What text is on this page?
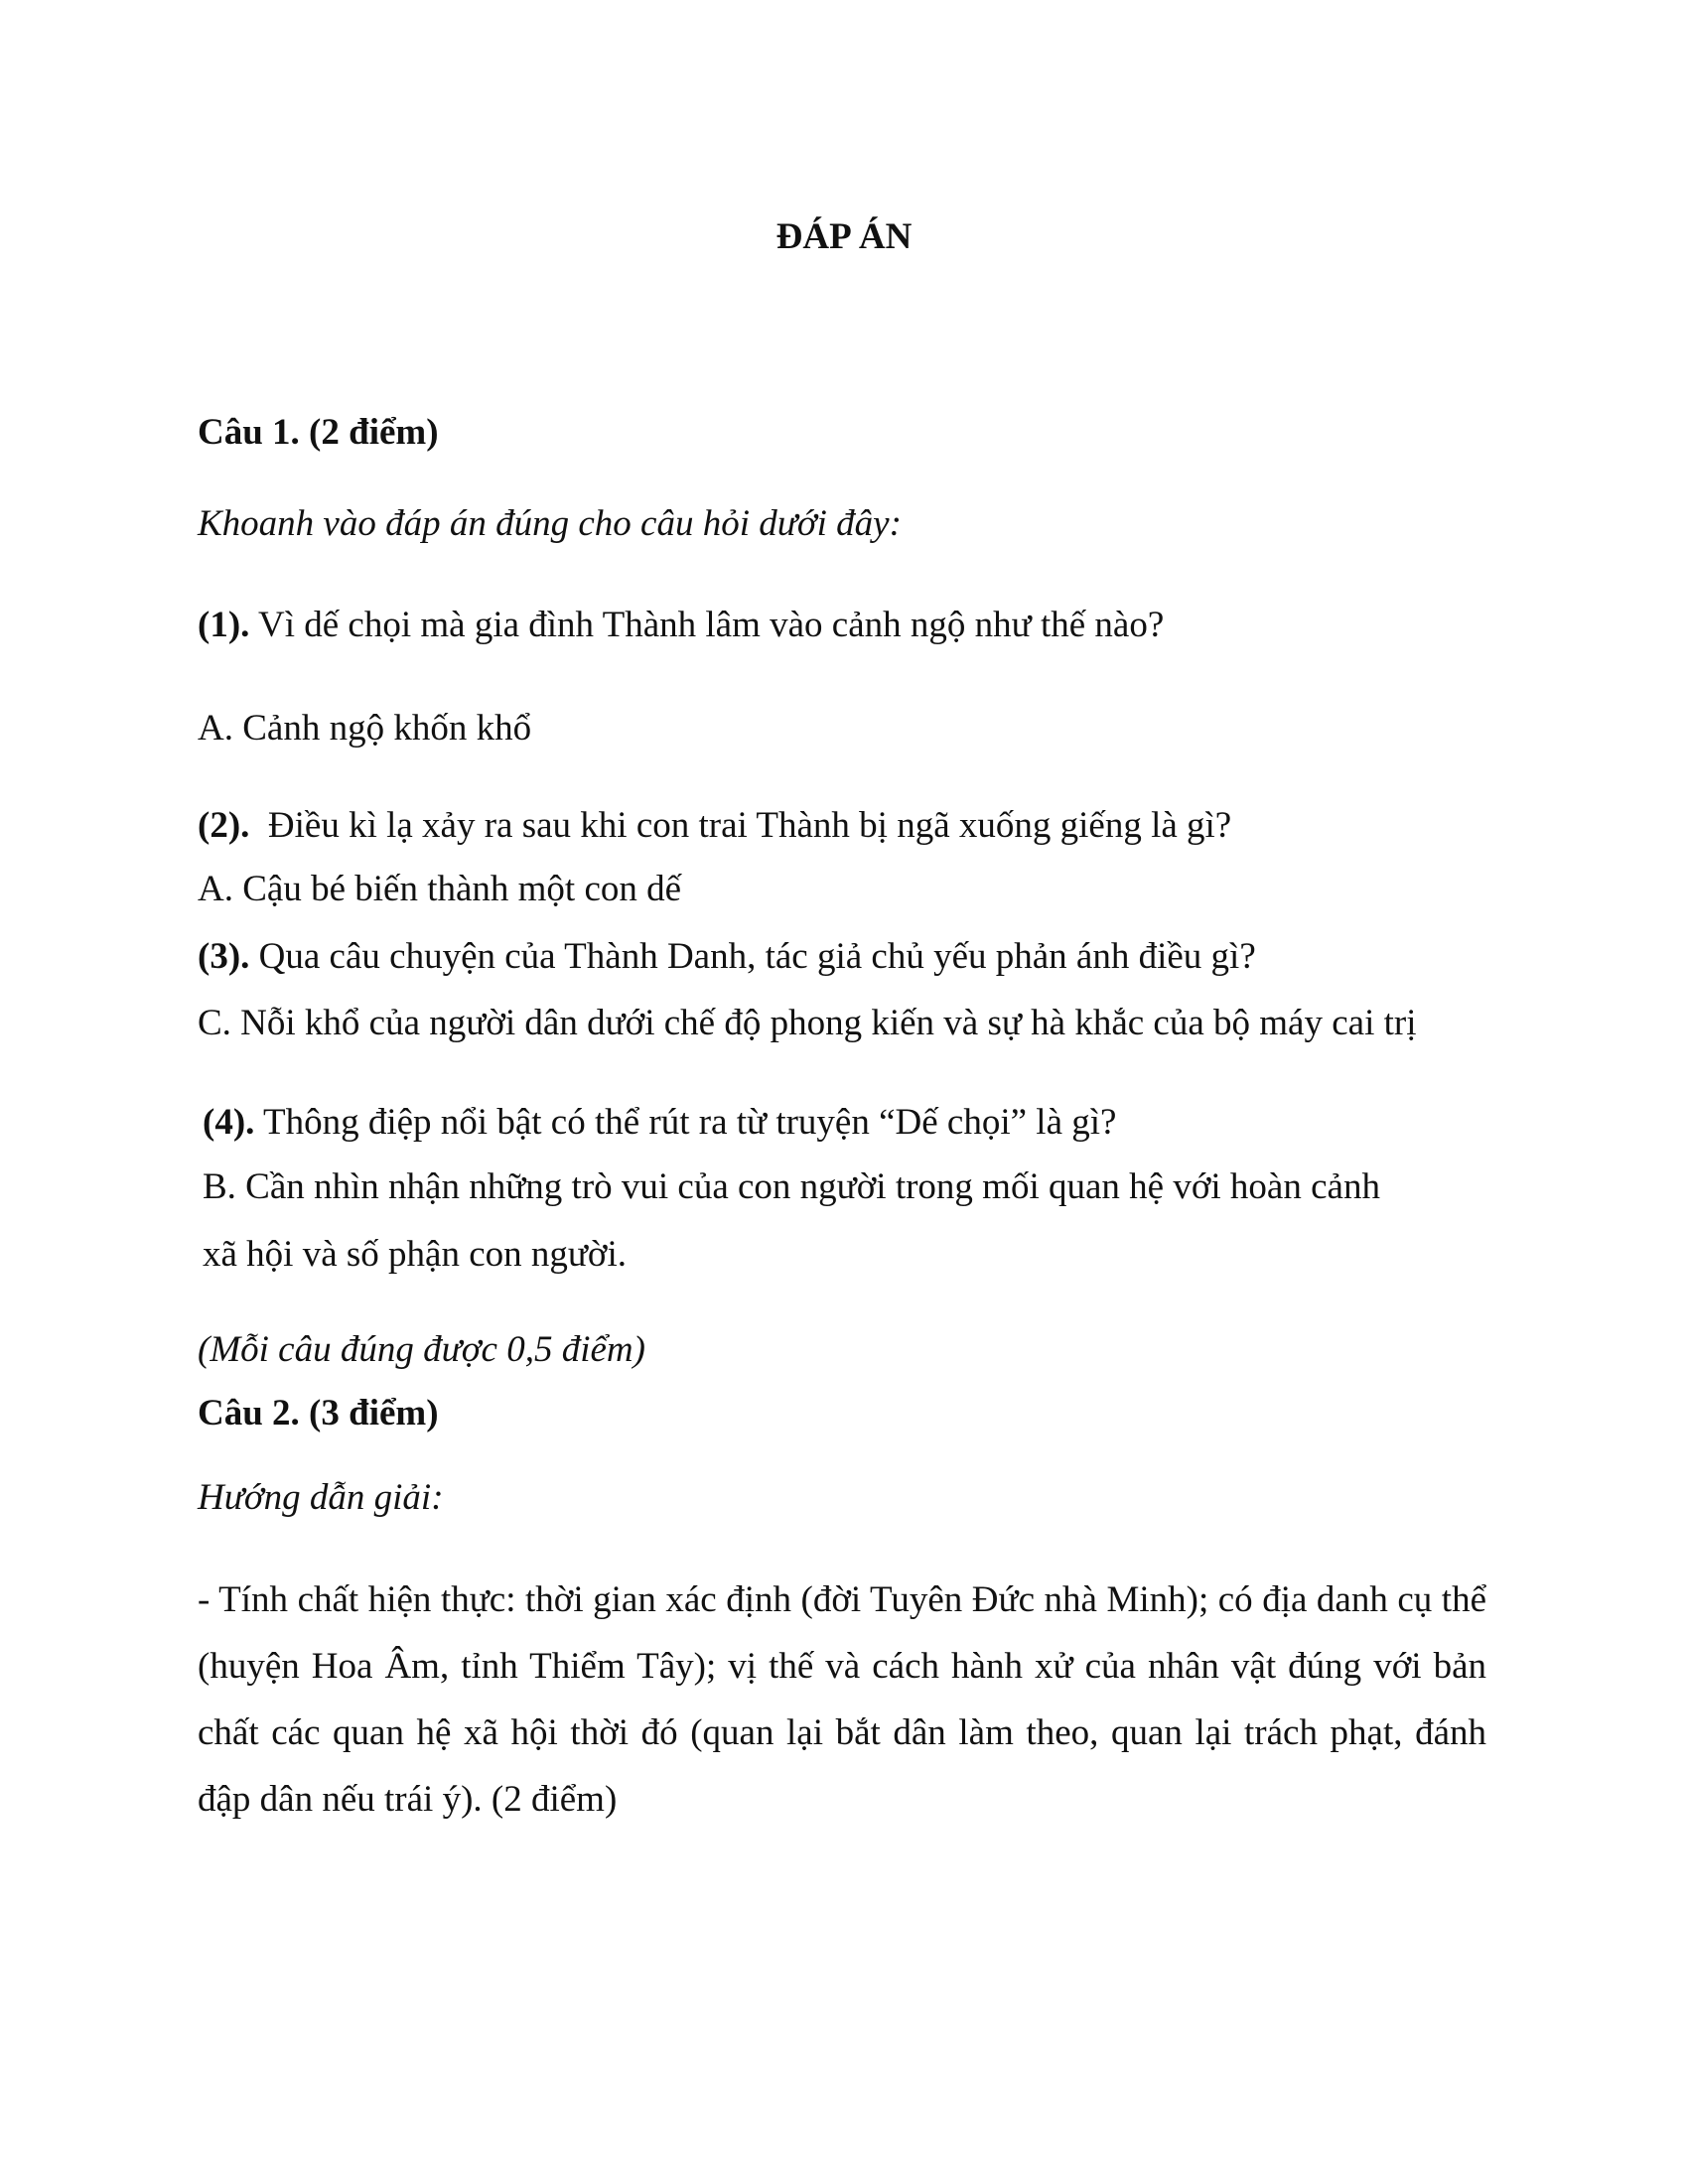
ĐÁP ÁN
Câu 1. (2 điểm)
Khoanh vào đáp án đúng cho câu hỏi dưới đây:
(1). Vì dế chọi mà gia đình Thành lâm vào cảnh ngộ như thế nào?
A. Cảnh ngộ khốn khổ
(2).  Điều kì lạ xảy ra sau khi con trai Thành bị ngã xuống giếng là gì?
A. Cậu bé biến thành một con dế
(3). Qua câu chuyện của Thành Danh, tác giả chủ yếu phản ánh điều gì?
C. Nỗi khổ của người dân dưới chế độ phong kiến và sự hà khắc của bộ máy cai trị
(4). Thông điệp nổi bật có thể rút ra từ truyện “Dế chọi” là gì?
B. Cần nhìn nhận những trò vui của con người trong mối quan hệ với hoàn cảnh
xã hội và số phận con người.
(Mỗi câu đúng được 0,5 điểm)
Câu 2. (3 điểm)
Hướng dẫn giải:
- Tính chất hiện thực: thời gian xác định (đời Tuyên Đức nhà Minh); có địa danh cụ thể (huyện Hoa Âm, tỉnh Thiểm Tây); vị thế và cách hành xử của nhân vật đúng với bản chất các quan hệ xã hội thời đó (quan lại bắt dân làm theo, quan lại trách phạt, đánh đập dân nếu trái ý). (2 điểm)
